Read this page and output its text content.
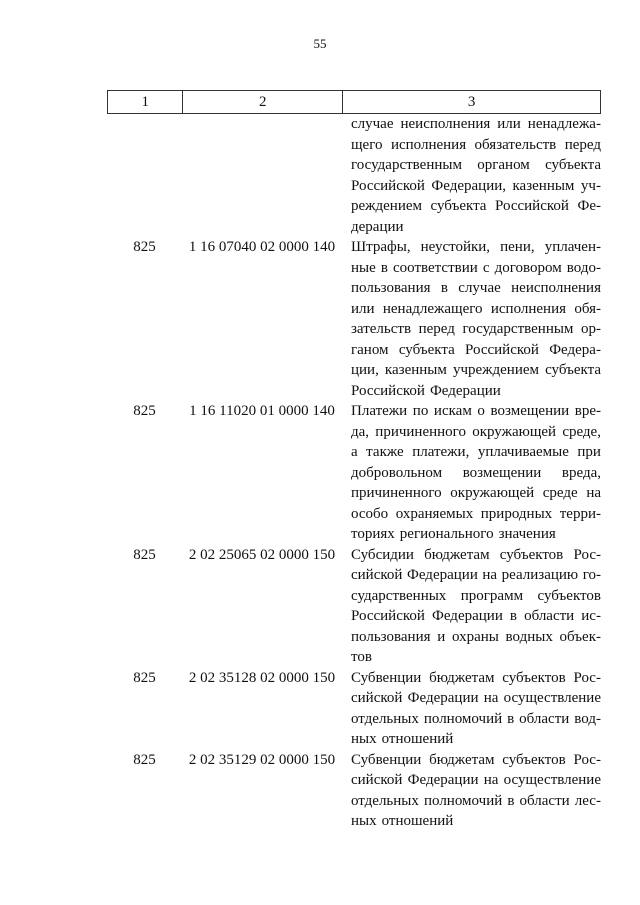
55
1	2	3
случае неисполнения или ненадлежа-
щего исполнения обязательств перед
государственным органом субъекта
Российской Федерации, казенным уч-
реждением субъекта Российской Фе-
дерации
825	1 16 07040 02 0000 140	Штрафы, неустойки, пени, уплачен-
ные в соответствии с договором водо-
пользования в случае неисполнения
или ненадлежащего исполнения обя-
зательств перед государственным ор-
ганом субъекта Российской Федера-
ции, казенным учреждением субъекта
Российской Федерации
825	1 16 11020 01 0000 140	Платежи по искам о возмещении вре-
да, причиненного окружающей среде,
а также платежи, уплачиваемые при
добровольном возмещении вреда,
причиненного окружающей среде на
особо охраняемых природных терри-
ториях регионального значения
825	2 02 25065 02 0000 150	Субсидии бюджетам субъектов Рос-
сийской Федерации на реализацию го-
сударственных программ субъектов
Российской Федерации в области ис-
пользования и охраны водных объек-
тов
825	2 02 35128 02 0000 150	Субвенции бюджетам субъектов Рос-
сийской Федерации на осуществление
отдельных полномочий в области вод-
ных отношений
825	2 02 35129 02 0000 150	Субвенции бюджетам субъектов Рос-
сийской Федерации на осуществление
отдельных полномочий в области лес-
ных отношений
